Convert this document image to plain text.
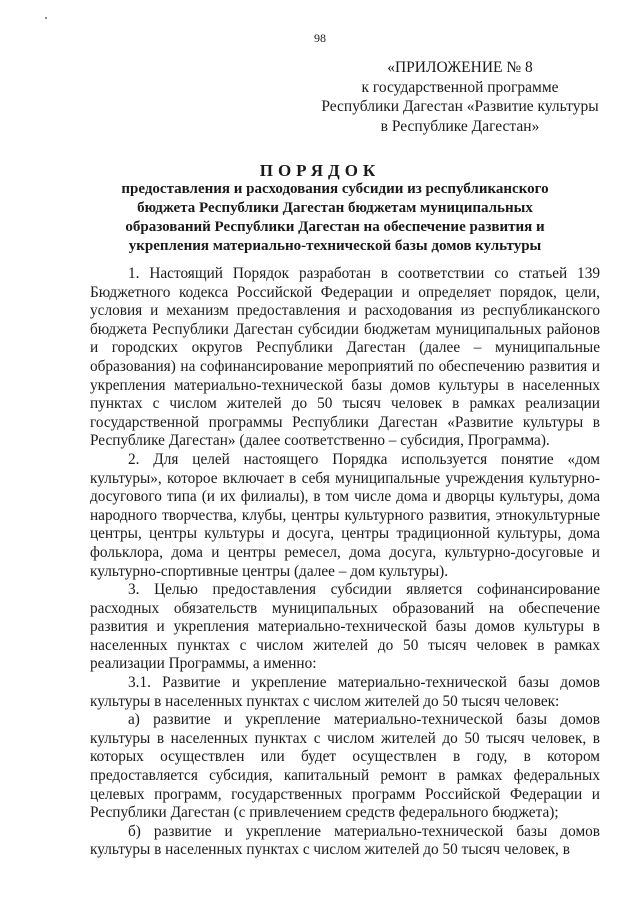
98
«ПРИЛОЖЕНИЕ № 8
к государственной программе
Республики Дагестан «Развитие культуры
в Республике Дагестан»
ПОРЯДОК
предоставления и расходования субсидии из республиканского
бюджета Республики Дагестан бюджетам муниципальных
образований Республики Дагестан на обеспечение развития и
укрепления материально-технической базы домов культуры

1. Настоящий Порядок разработан в соответствии со статьей 139 Бюджетного кодекса Российской Федерации и определяет порядок, цели, условия и механизм предоставления и расходования из республиканского бюджета Республики Дагестан субсидии бюджетам муниципальных районов и городских округов Республики Дагестан (далее – муниципальные образования) на софинансирование мероприятий по обеспечению развития и укрепления материально-технической базы домов культуры в населенных пунктах с числом жителей до 50 тысяч человек в рамках реализации государственной программы Республики Дагестан «Развитие культуры в Республике Дагестан» (далее соответственно – субсидия, Программа).

2. Для целей настоящего Порядка используется понятие «дом культуры», которое включает в себя муниципальные учреждения культурно-досугового типа (и их филиалы), в том числе дома и дворцы культуры, дома народного творчества, клубы, центры культурного развития, этнокультурные центры, центры культуры и досуга, центры традиционной культуры, дома фольклора, дома и центры ремесел, дома досуга, культурно-досуговые и культурно-спортивные центры (далее – дом культуры).

3. Целью предоставления субсидии является софинансирование расходных обязательств муниципальных образований на обеспечение развития и укрепления материально-технической базы домов культуры в населенных пунктах с числом жителей до 50 тысяч человек в рамках реализации Программы, а именно:

3.1. Развитие и укрепление материально-технической базы домов культуры в населенных пунктах с числом жителей до 50 тысяч человек:

а) развитие и укрепление материально-технической базы домов культуры в населенных пунктах с числом жителей до 50 тысяч человек, в которых осуществлен или будет осуществлен в году, в котором предоставляется субсидия, капитальный ремонт в рамках федеральных целевых программ, государственных программ Российской Федерации и Республики Дагестан (с привлечением средств федерального бюджета);

б) развитие и укрепление материально-технической базы домов культуры в населенных пунктах с числом жителей до 50 тысяч человек, в
